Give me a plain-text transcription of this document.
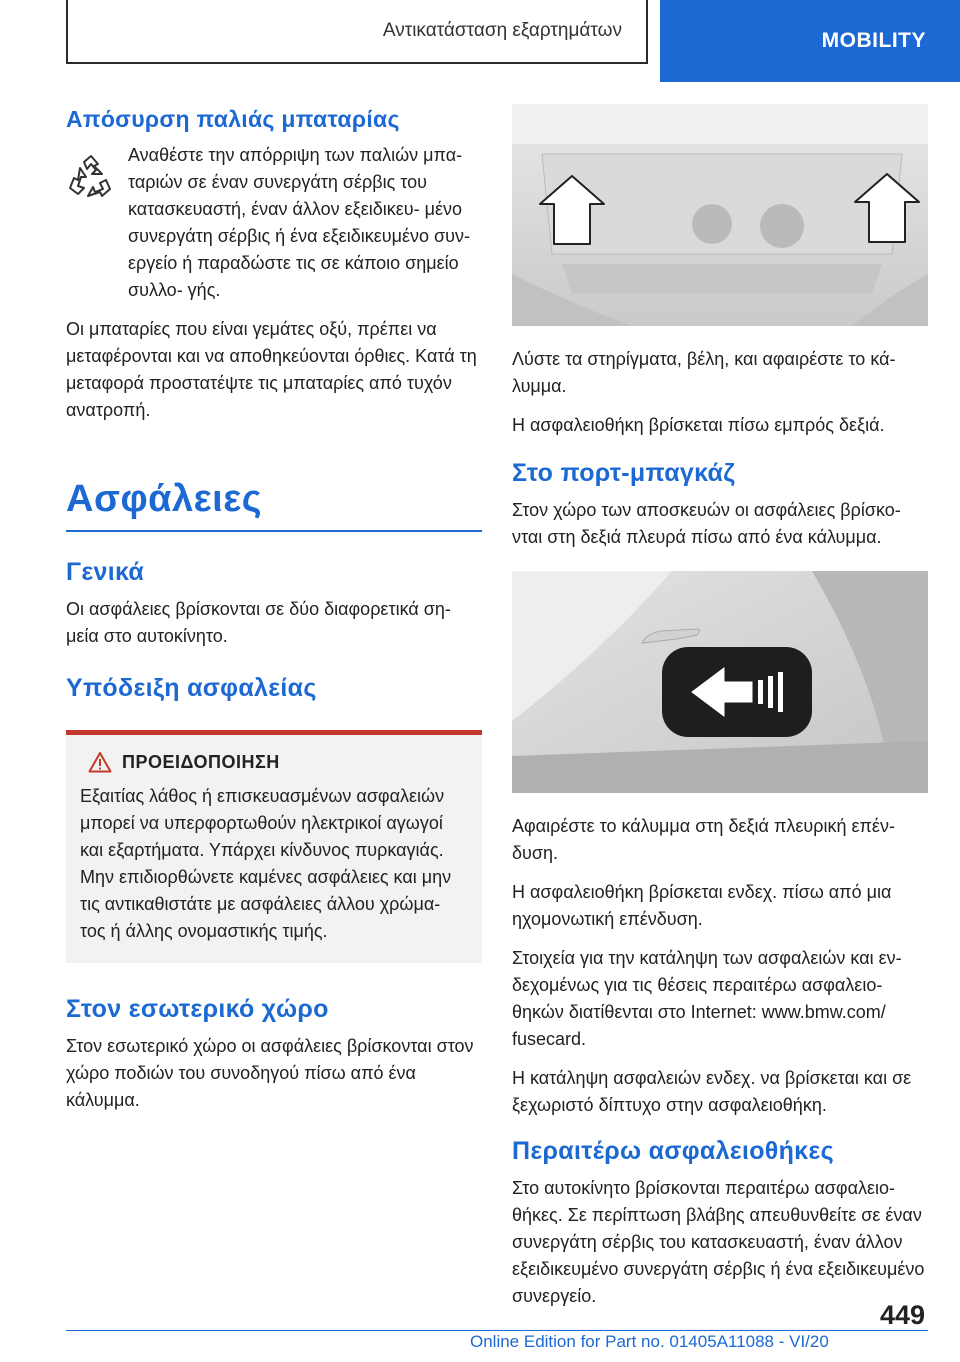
Αντικατάσταση εξαρτημάτων	MOBILITY
Απόσυρση παλιάς μπαταρίας

Αναθέστε την απόρριψη των παλιών μπα- ταριών σε έναν συνεργάτη σέρβις του κατασκευαστή, έναν άλλον εξειδικευ- μένο συνεργάτη σέρβις ή ένα εξειδικευμένο συν- εργείο ή παραδώστε τις σε κάποιο σημείο συλλο- γής.

Οι μπαταρίες που είναι γεμάτες οξύ, πρέπει να μεταφέρονται και να αποθηκεύονται όρθιες. Κατά τη μεταφορά προστατέψτε τις μπαταρίες από τυχόν ανατροπή.

Ασφάλειες
Γενικά

Οι ασφάλειες βρίσκονται σε δύο διαφορετικά ση- μεία στο αυτοκίνητο.

Υπόδειξη ασφαλείας
ΠΡΟΕΙΔΟΠΟΙΗΣΗ

Εξαιτίας λάθος ή επισκευασμένων ασφαλειών μπορεί να υπερφορτωθούν ηλεκτρικοί αγωγοί και εξαρτήματα. Υπάρχει κίνδυνος πυρκαγιάς. Μην επιδιορθώνετε καμένες ασφάλειες και μην τις αντικαθιστάτε με ασφάλειες άλλου χρώμα- τος ή άλλης ονομαστικής τιμής.

Στον εσωτερικό χώρο

Στον εσωτερικό χώρο οι ασφάλειες βρίσκονται στον χώρο ποδιών του συνοδηγού πίσω από ένα κάλυμμα.

Λύστε τα στηρίγματα, βέλη, και αφαιρέστε το κά- λυμμα.

Η ασφαλειοθήκη βρίσκεται πίσω εμπρός δεξιά.

Στο πορτ-μπαγκάζ

Στον χώρο των αποσκευών οι ασφάλειες βρίσκο- νται στη δεξιά πλευρά πίσω από ένα κάλυμμα.

Αφαιρέστε το κάλυμμα στη δεξιά πλευρική επέν- δυση.

Η ασφαλειοθήκη βρίσκεται ενδεχ. πίσω από μια ηχομονωτική επένδυση.

Στοιχεία για την κατάληψη των ασφαλειών και εν- δεχομένως για τις θέσεις περαιτέρω ασφαλειο- θηκών διατίθενται στο Internet: www.bmw.com/ fusecard.

Η κατάληψη ασφαλειών ενδεχ. να βρίσκεται και σε ξεχωριστό δίπτυχο στην ασφαλειοθήκη.

Περαιτέρω ασφαλειοθήκες

Στο αυτοκίνητο βρίσκονται περαιτέρω ασφαλειο- θήκες. Σε περίπτωση βλάβης απευθυνθείτε σε έναν συνεργάτη σέρβις του κατασκευαστή, έναν άλλον εξειδικευμένο συνεργάτη σέρβις ή ένα εξειδικευμένο συνεργείο.

449
Online Edition for Part no. 01405A11088 - VI/20
